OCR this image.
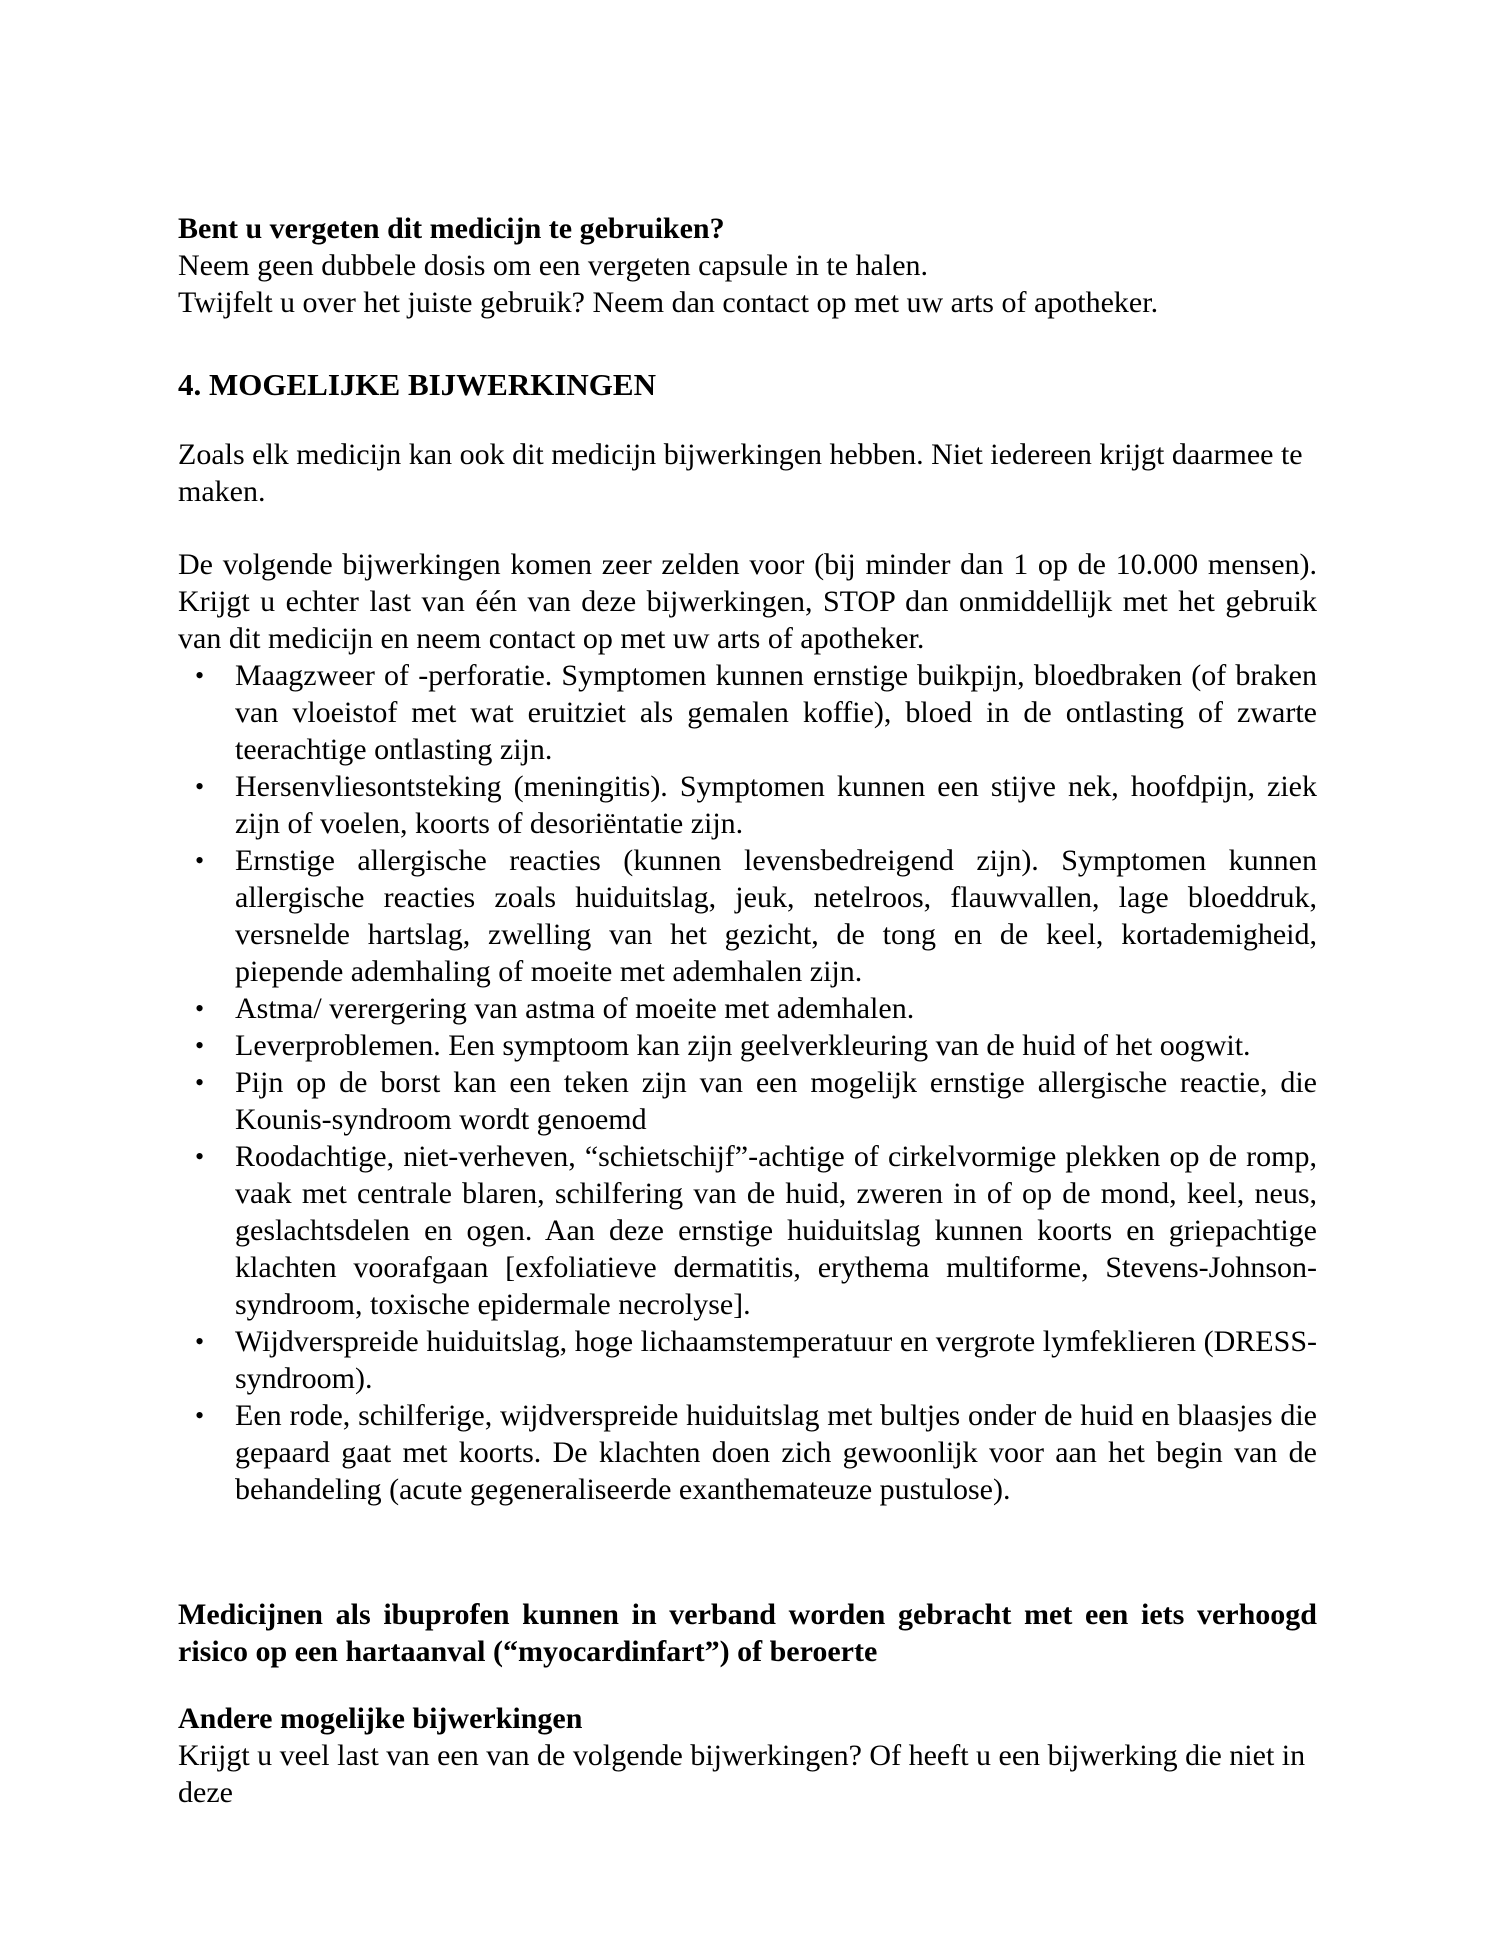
Bent u vergeten dit medicijn te gebruiken?

Neem geen dubbele dosis om een vergeten capsule in te halen.

Twijfelt u over het juiste gebruik? Neem dan contact op met uw arts of apotheker.

4. MOGELIJKE BIJWERKINGEN

Zoals elk medicijn kan ook dit medicijn bijwerkingen hebben. Niet iedereen krijgt daarmee te maken.

De volgende bijwerkingen komen zeer zelden voor (bij minder dan 1 op de 10.000 mensen). Krijgt u echter last van één van deze bijwerkingen, STOP dan onmiddellijk met het gebruik van dit medicijn en neem contact op met uw arts of apotheker.

•	Maagzweer of -perforatie. Symptomen kunnen ernstige buikpijn, bloedbraken (of braken van vloeistof met wat eruitziet als gemalen koffie), bloed in de ontlasting of zwarte teerachtige ontlasting zijn.
•	Hersenvliesontsteking (meningitis). Symptomen kunnen een stijve nek, hoofdpijn, ziek zijn of voelen, koorts of desoriëntatie zijn.
•	Ernstige allergische reacties (kunnen levensbedreigend zijn). Symptomen kunnen allergische reacties zoals huiduitslag, jeuk, netelroos, flauwvallen, lage bloeddruk, versnelde hartslag, zwelling van het gezicht, de tong en de keel, kortademigheid, piepende ademhaling of moeite met ademhalen zijn.
•	Astma/ verergering van astma of moeite met ademhalen.
•	Leverproblemen. Een symptoom kan zijn geelverkleuring van de huid of het oogwit.
•	Pijn op de borst kan een teken zijn van een mogelijk ernstige allergische reactie, die Kounis-syndroom wordt genoemd
•	Roodachtige, niet-verheven, “schietschijf”-achtige of cirkelvormige plekken op de romp, vaak met centrale blaren, schilfering van de huid, zweren in of op de mond, keel, neus, geslachtsdelen en ogen. Aan deze ernstige huiduitslag kunnen koorts en griepachtige klachten voorafgaan [exfoliatieve dermatitis, erythema multiforme, Stevens-Johnson-syndroom, toxische epidermale necrolyse].
•	Wijdverspreide huiduitslag, hoge lichaamstemperatuur en vergrote lymfeklieren (DRESS-syndroom).
•	Een rode, schilferige, wijdverspreide huiduitslag met bultjes onder de huid en blaasjes die gepaard gaat met koorts. De klachten doen zich gewoonlijk voor aan het begin van de behandeling (acute gegeneraliseerde exanthemateuze pustulose).

Medicijnen als ibuprofen kunnen in verband worden gebracht met een iets verhoogd risico op een hartaanval (“myocardinfart”) of beroerte

Andere mogelijke bijwerkingen

Krijgt u veel last van een van de volgende bijwerkingen? Of heeft u een bijwerking die niet in deze
